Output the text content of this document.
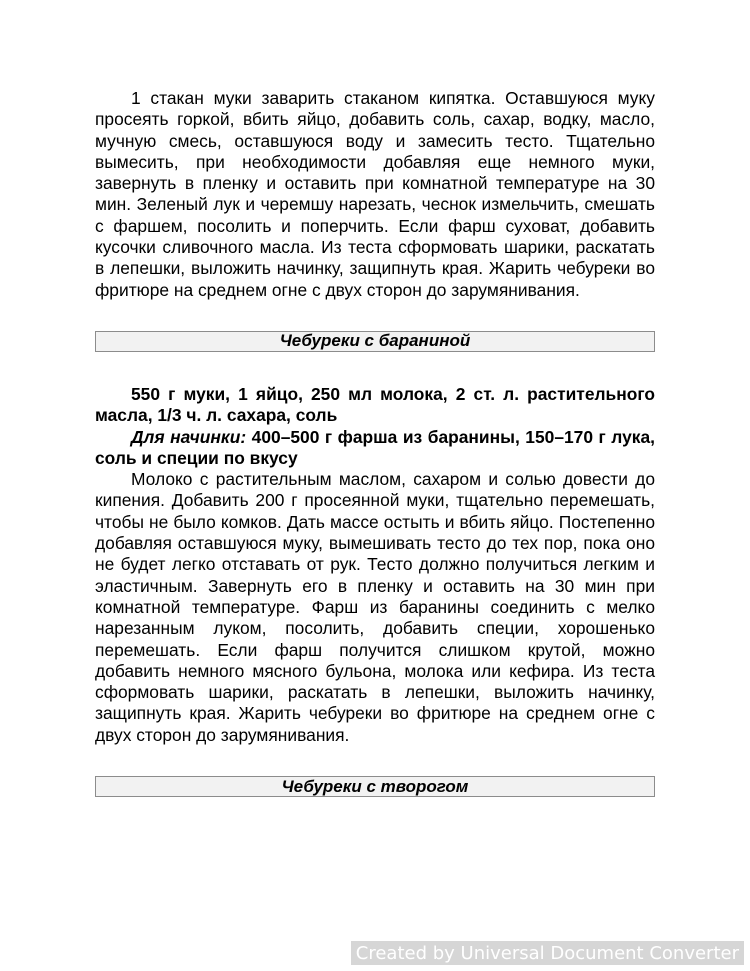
1 стакан муки заварить стаканом кипятка. Оставшуюся муку просеять горкой, вбить яйцо, добавить соль, сахар, водку, масло, мучную смесь, оставшуюся воду и замесить тесто. Тщательно вымесить, при необходимости добавляя еще немного муки, завернуть в пленку и оставить при комнатной температуре на 30 мин. Зеленый лук и черемшу нарезать, чеснок измельчить, смешать с фаршем, посолить и поперчить. Если фарш суховат, добавить кусочки сливочного масла. Из теста сформовать шарики, раскатать в лепешки, выложить начинку, защипнуть края. Жарить чебуреки во фритюре на среднем огне с двух сторон до зарумянивания.

Чебуреки с бараниной

550 г муки, 1 яйцо, 250 мл молока, 2 ст. л. растительного масла, 1/3 ч. л. сахара, соль

Для начинки: 400–500 г фарша из баранины, 150–170 г лука, соль и специи по вкусу

Молоко с растительным маслом, сахаром и солью довести до кипения. Добавить 200 г просеянной муки, тщательно перемешать, чтобы не было комков. Дать массе остыть и вбить яйцо. Постепенно добавляя оставшуюся муку, вымешивать тесто до тех пор, пока оно не будет легко отставать от рук. Тесто должно получиться легким и эластичным. Завернуть его в пленку и оставить на 30 мин при комнатной температуре. Фарш из баранины соединить с мелко нарезанным луком, посолить, добавить специи, хорошенько перемешать. Если фарш получится слишком крутой, можно добавить немного мясного бульона, молока или кефира. Из теста сформовать шарики, раскатать в лепешки, выложить начинку, защипнуть края. Жарить чебуреки во фритюре на среднем огне с двух сторон до зарумянивания.

Чебуреки с творогом
Created by Universal Document Converter
